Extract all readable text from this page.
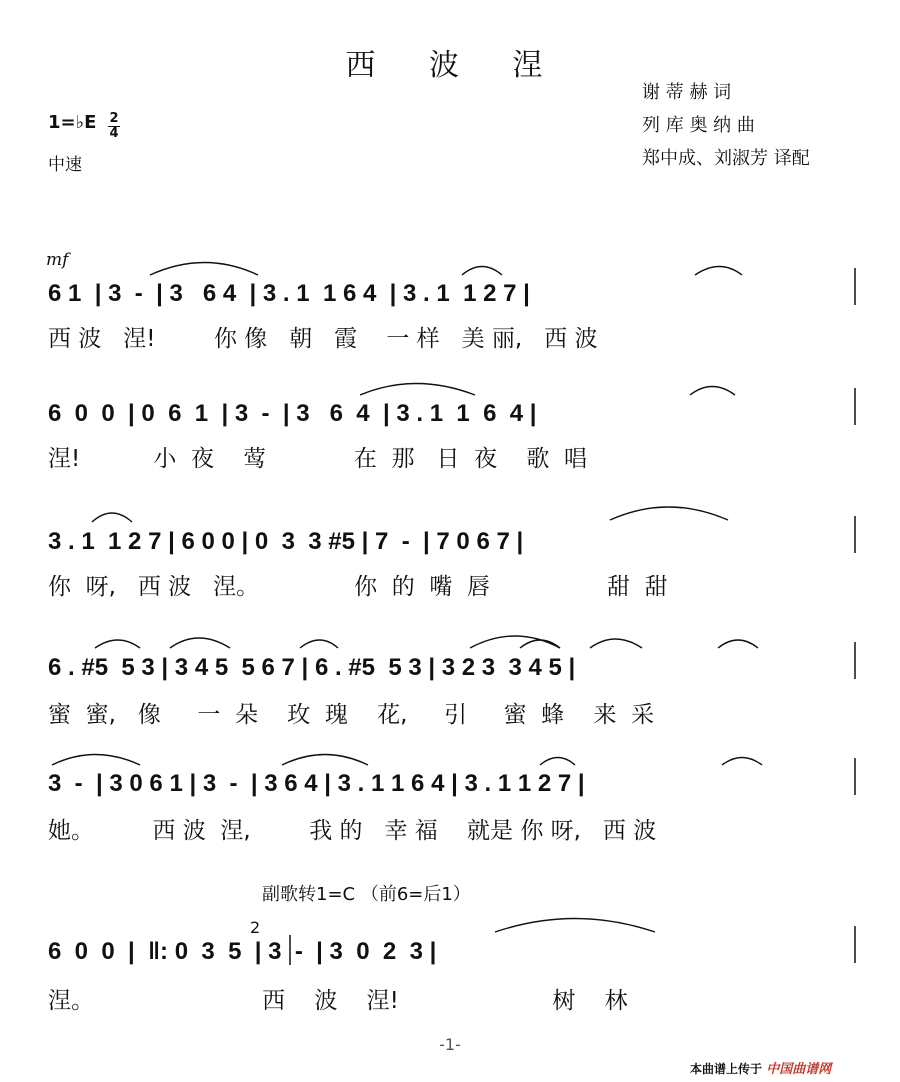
西 波 涅
谢 蒂 赫 词
列 库 奥 纳 曲
郑中成、刘淑芳 译配
1=♭E 2
4
中速
mf
6 1  | 3  -  | 3   6 4  | 3 . 1  1 6 4  | 3 . 1  1 2 7 |
西 波   涅!        你 像   朝   霞    一 样   美 丽,   西 波
6  0  0  | 0  6  1  | 3  -  | 3   6  4  | 3 . 1  1  6  4 |
涅!          小  夜    莺            在  那   日  夜    歌  唱
3 . 1  1 2 7 | 6 0 0 | 0  3  3 #5 | 7  -  | 7 0 6 7 |
你  呀,   西 波   涅。             你  的  嘴  唇                甜  甜
6 . #5  5 3 | 3 4 5  5 6 7 | 6 . #5  5 3 | 3 2 3  3 4 5 |
蜜  蜜,   像     一  朵    玫  瑰    花,     引     蜜  蜂    来  采
3  -  | 3 0 6 1 | 3  -  | 3 6 4 | 3 . 1 1 6 4 | 3 . 1 1 2 7 |
她。        西 波  涅,        我 的   幸 福    就是 你 呀,   西 波
副歌转1=C （前6=后1）
2
6  0  0  |  ‖: 0  3  5  | 3  -  | 3  0  2  3 |
涅。                       西    波    涅!                     树    林
-1-
本曲谱上传于 中国曲谱网
